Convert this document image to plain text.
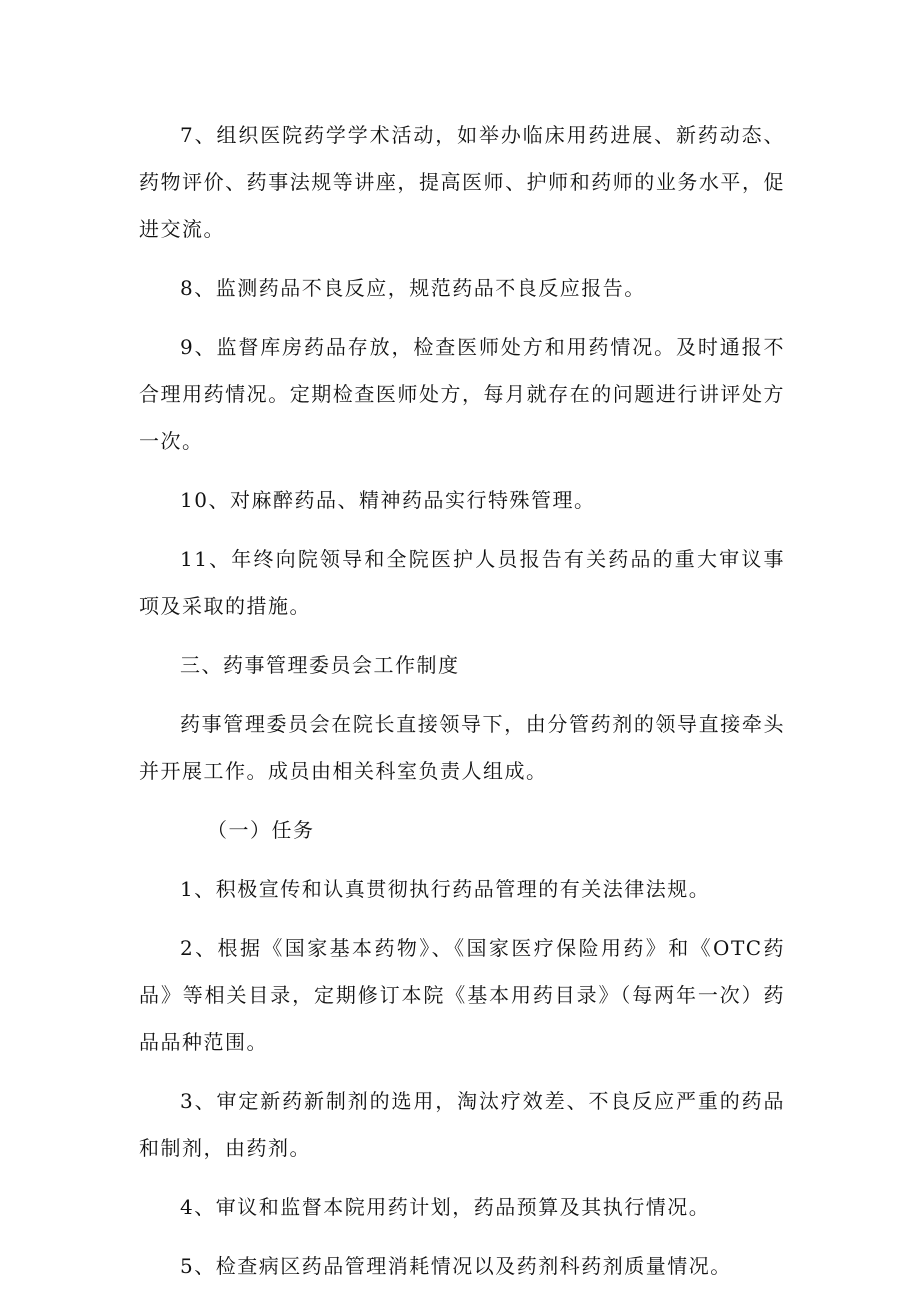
7、组织医院药学学术活动，如举办临床用药进展、新药动态、药物评价、药事法规等讲座，提高医师、护师和药师的业务水平，促进交流。

8、监测药品不良反应，规范药品不良反应报告。

9、监督库房药品存放，检查医师处方和用药情况。及时通报不合理用药情况。定期检查医师处方，每月就存在的问题进行讲评处方一次。

10、对麻醉药品、精神药品实行特殊管理。

11、年终向院领导和全院医护人员报告有关药品的重大审议事项及采取的措施。

三、药事管理委员会工作制度

药事管理委员会在院长直接领导下，由分管药剂的领导直接牵头并开展工作。成员由相关科室负责人组成。

（一）任务

1、积极宣传和认真贯彻执行药品管理的有关法律法规。

2、根据《国家基本药物》、《国家医疗保险用药》和《OTC药品》等相关目录，定期修订本院《基本用药目录》（每两年一次）药品品种范围。

3、审定新药新制剂的选用，淘汰疗效差、不良反应严重的药品和制剂，由药剂。

4、审议和监督本院用药计划，药品预算及其执行情况。

5、检查病区药品管理消耗情况以及药剂科药剂质量情况。
